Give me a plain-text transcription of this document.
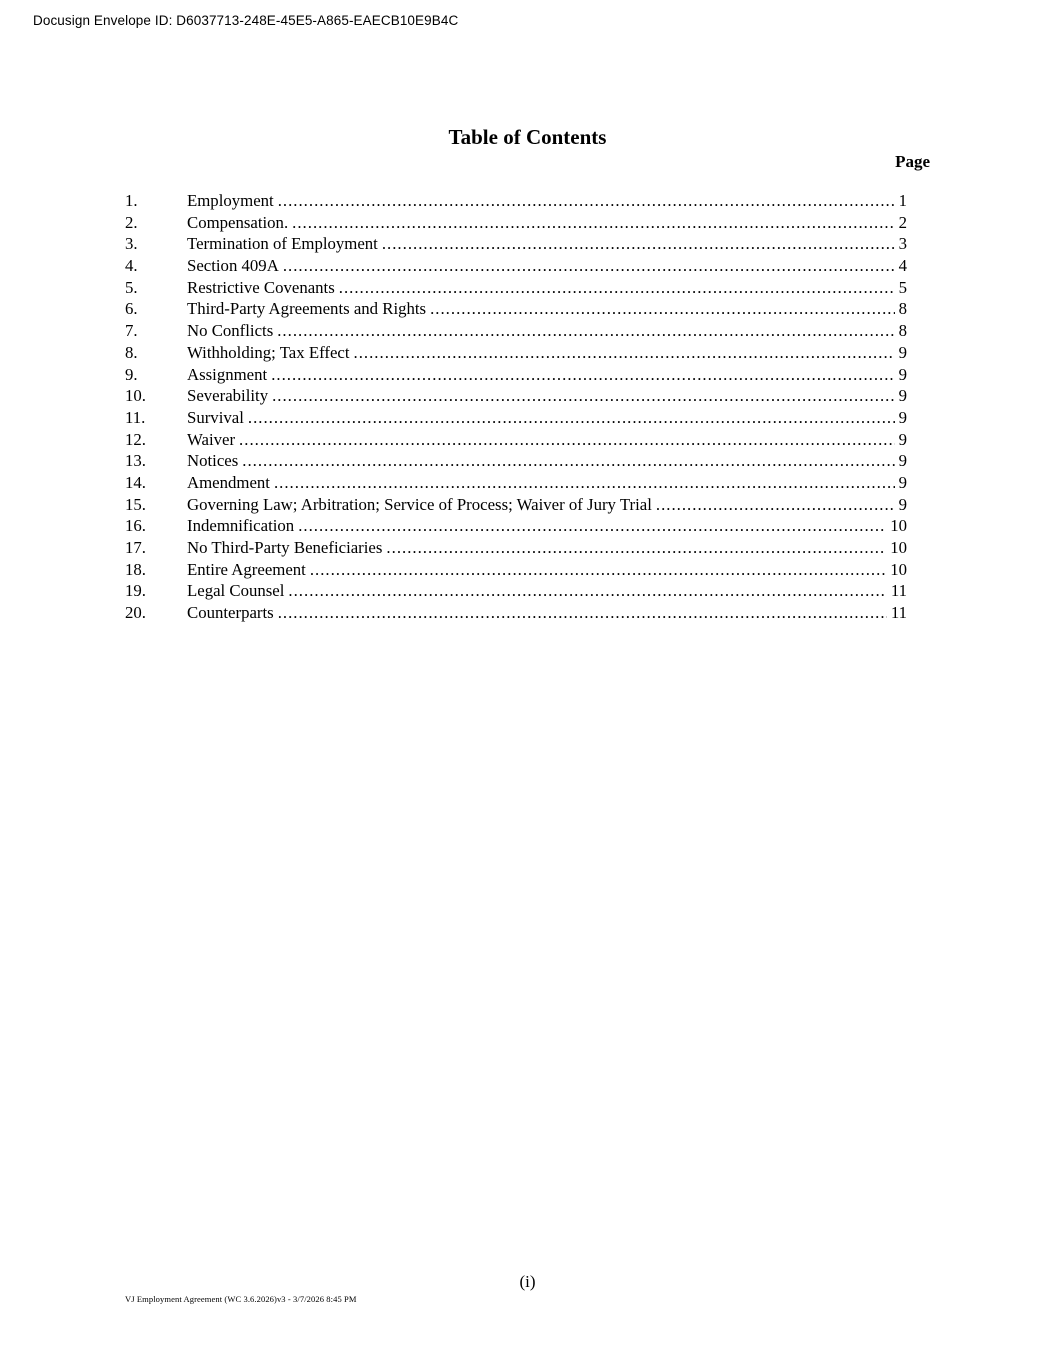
Docusign Envelope ID: D6037713-248E-45E5-A865-EAECB10E9B4C
Table of Contents
Page
1.	Employment .....	1
2.	Compensation. .....	2
3.	Termination of Employment .....	3
4.	Section 409A .....	4
5.	Restrictive Covenants .....	5
6.	Third-Party Agreements and Rights .....	8
7.	No Conflicts .....	8
8.	Withholding; Tax Effect .....	9
9.	Assignment .....	9
10.	Severability .....	9
11.	Survival .....	9
12.	Waiver .....	9
13.	Notices .....	9
14.	Amendment .....	9
15.	Governing Law; Arbitration; Service of Process; Waiver of Jury Trial .....	9
16.	Indemnification .....	10
17.	No Third-Party Beneficiaries .....	10
18.	Entire Agreement .....	10
19.	Legal Counsel .....	11
20.	Counterparts .....	11
(i)
VJ Employment Agreement (WC 3.6.2026)v3 - 3/7/2026 8:45 PM
